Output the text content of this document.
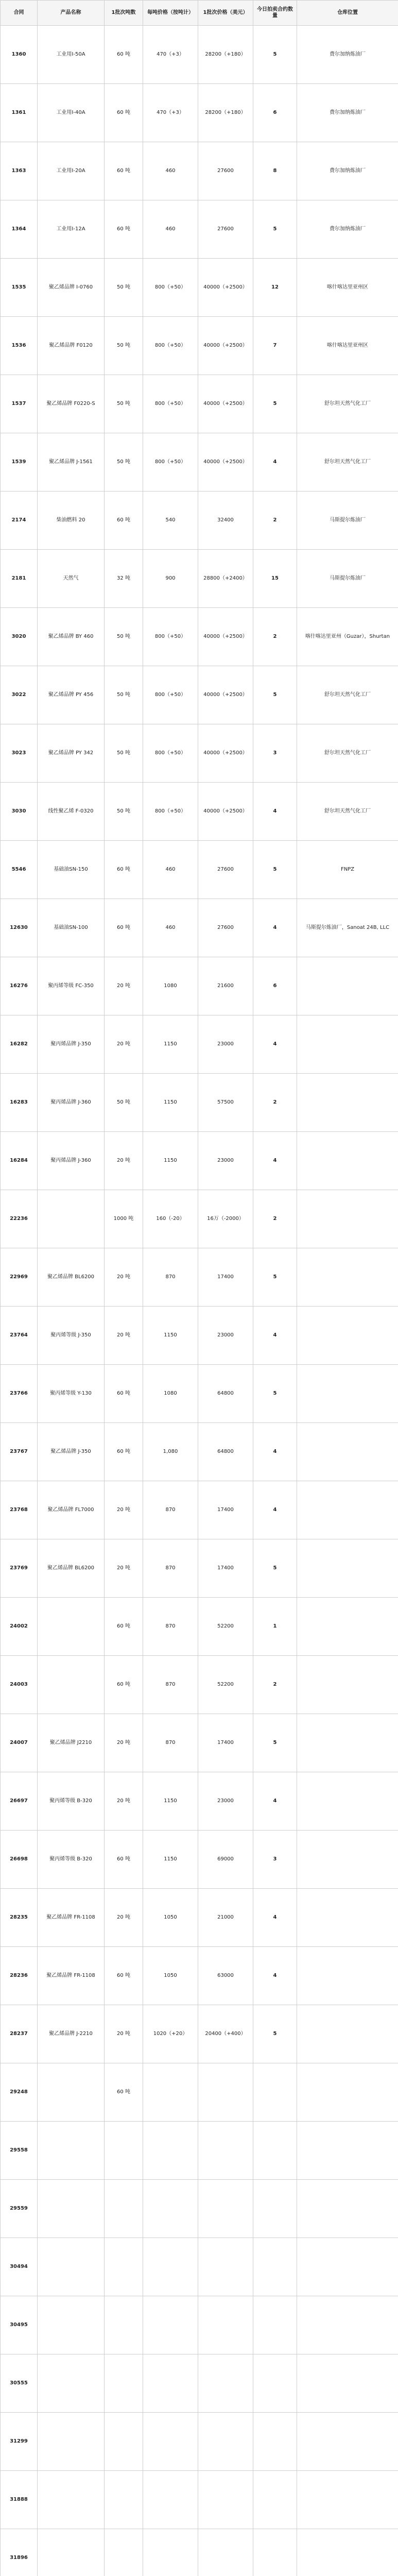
合同	产品名称	1批次吨数	每吨价格（按吨计）	1批次价格（美元）	今日拍卖合约数量	仓库位置
1360	工业用I-50A	60 吨	470（+3）	28200（+180）	5	费尔加纳炼油厂
1361	工业用I-40A	60 吨	470（+3）	28200（+180）	6	费尔加纳炼油厂
1363	工业用I-20A	60 吨	460	27600	8	费尔加纳炼油厂
1364	工业用I-12A	60 吨	460	27600	5	费尔加纳炼油厂
1535	聚乙烯品牌 I-0760	50 吨	800（+50）	40000（+2500）	12	喀什喀达里亚州区
1536	聚乙烯品牌 F0120	50 吨	800（+50）	40000（+2500）	7	喀什喀达里亚州区
1537	聚乙烯品牌 F0220-S	50 吨	800（+50）	40000（+2500）	5	舒尔坦天然气化工厂
1539	聚乙烯品牌 J-1561	50 吨	800（+50）	40000（+2500）	4	舒尔坦天然气化工厂
2174	柴油燃料 20	60 吨	540	32400	2	马斯提尔炼油厂
2181	天然气	32 吨	900	28800（+2400）	15	马斯提尔炼油厂
3020	聚乙烯品牌 BY 460	50 吨	800（+50）	40000（+2500）	2	喀什喀达里亚州（Guzar），Shurtan
3022	聚乙烯品牌 PY 456	50 吨	800（+50）	40000（+2500）	5	舒尔坦天然气化工厂
3023	聚乙烯品牌 PY 342	50 吨	800（+50）	40000（+2500）	3	舒尔坦天然气化工厂
3030	线性聚乙烯 F-0320	50 吨	800（+50）	40000（+2500）	4	舒尔坦天然气化工厂
5546	基础油SN-150	60 吨	460	27600	5	FNPZ
12630	基础油SN-100	60 吨	460	27600	4	马斯提尔炼油厂，Sanoat 24B, LLC
16276	聚丙烯等级 FC-350	20 吨	1080	21600	6	
16282	聚丙烯品牌 J-350	20 吨	1150	23000	4	
16283	聚丙烯品牌 J-360	50 吨	1150	57500	2	
16284	聚丙烯品牌 J-360	20 吨	1150	23000	4	
22236		1000 吨	160（-20）	16万（-2000）	2	
22969	聚乙烯品牌 BL6200	20 吨	870	17400	5	
23764	聚丙烯等级 J-350	20 吨	1150	23000	4	
23766	聚丙烯等级 Y-130	60 吨	1080	64800	5	
23767	聚乙烯品牌 J-350	60 吨	1,080	64800	4	
23768	聚乙烯品牌 FL7000	20 吨	870	17400	4	
23769	聚乙烯品牌 BL6200	20 吨	870	17400	5	
24002		60 吨	870	52200	1	
24003		60 吨	870	52200	2	
24007	聚乙烯品牌 J2210	20 吨	870	17400	5	
26697	聚丙烯等级 B-320	20 吨	1150	23000	4	
26698	聚丙烯等级 B-320	60 吨	1150	69000	3	
28235	聚乙烯品牌 FR-1108	20 吨	1050	21000	4	
28236	聚乙烯品牌 FR-1108	60 吨	1050	63000	4	
28237	聚乙烯品牌 J-2210	20 吨	1020（+20）	20400（+400）	5	
29248		60 吨				
29558						
29559						
30494						
30495						
30555						
31299						
31888						
31896						
